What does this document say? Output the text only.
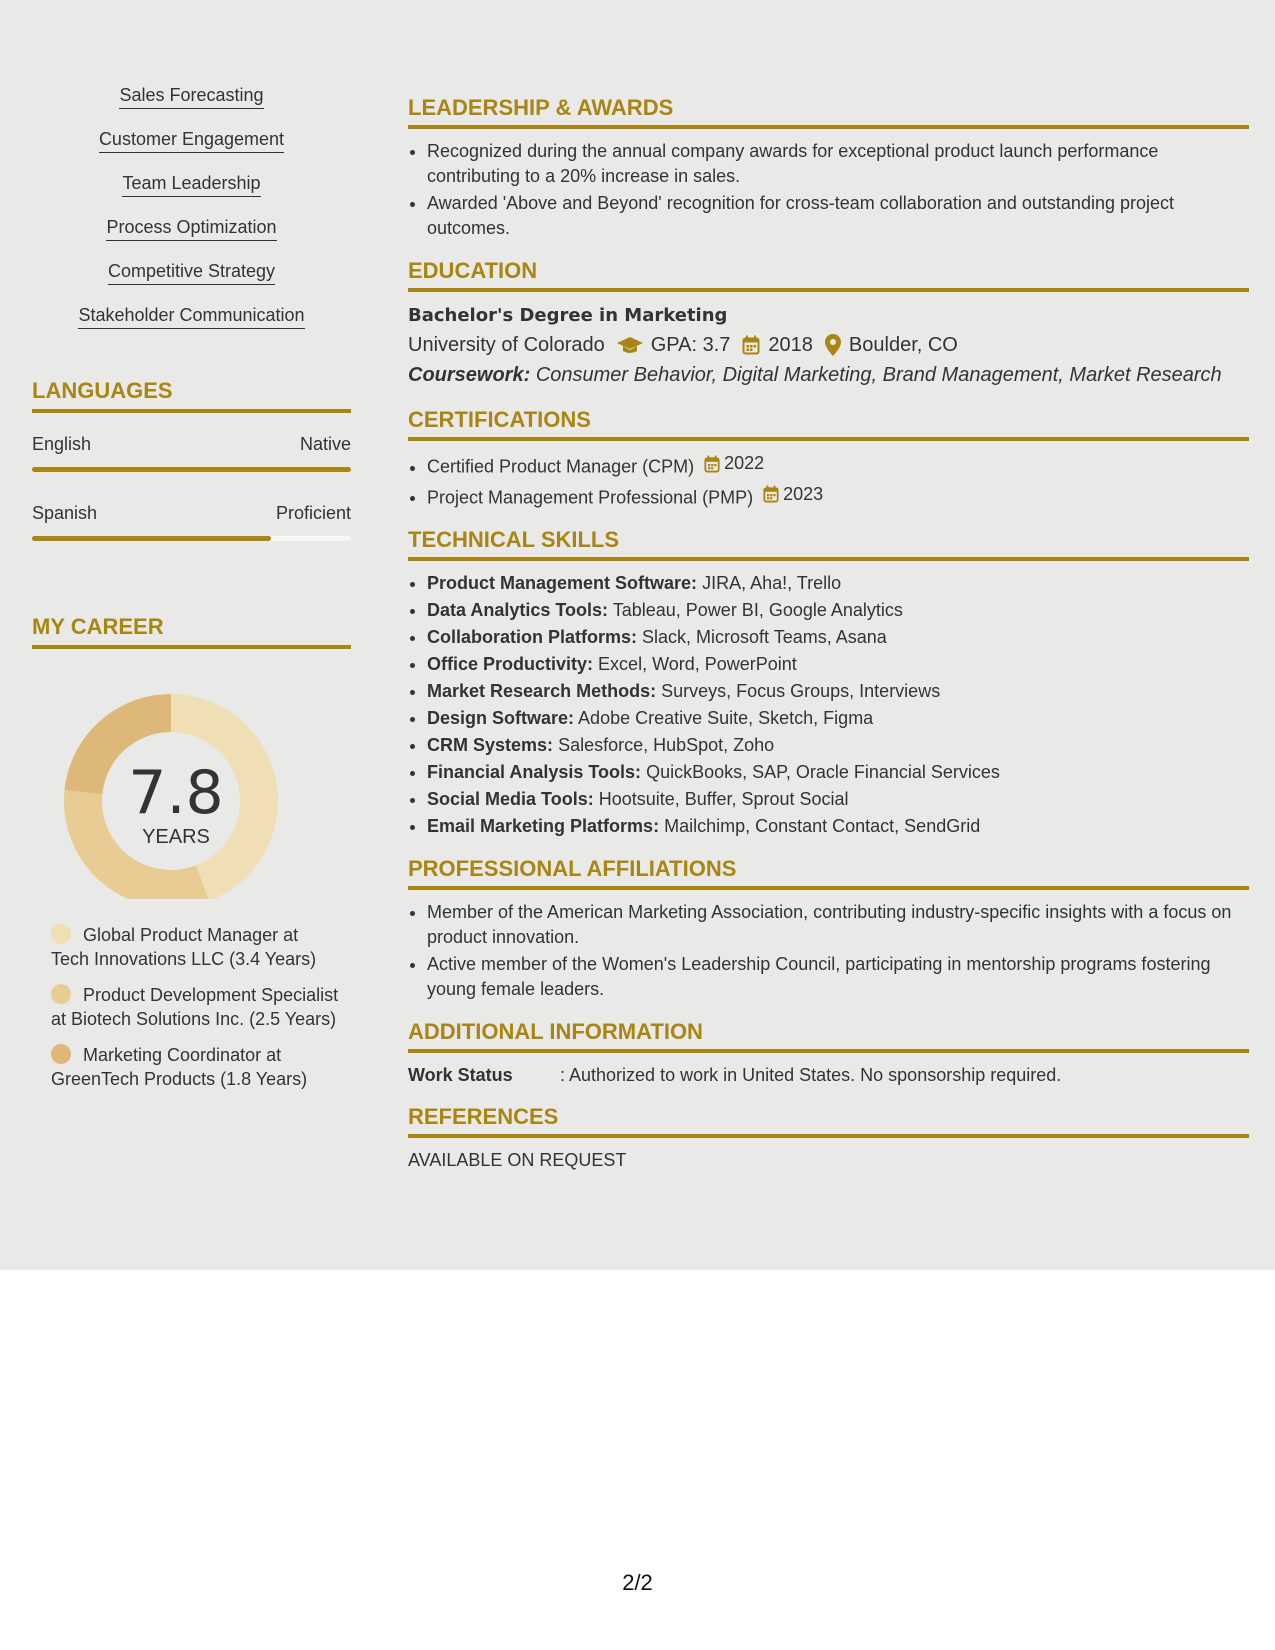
Sales Forecasting
Customer Engagement
Team Leadership
Process Optimization
Competitive Strategy
Stakeholder Communication
LANGUAGES
English	Native
Spanish	Proficient
MY CAREER
7.8
YEARS
Global Product Manager at Tech Innovations LLC (3.4 Years)
Product Development Specialist at Biotech Solutions Inc. (2.5 Years)
Marketing Coordinator at GreenTech Products (1.8 Years)
LEADERSHIP & AWARDS
• Recognized during the annual company awards for exceptional product launch performance contributing to a 20% increase in sales.
• Awarded 'Above and Beyond' recognition for cross-team collaboration and outstanding project outcomes.
EDUCATION
Bachelor's Degree in Marketing
University of Colorado GPA: 3.7 2018 Boulder, CO
Coursework: Consumer Behavior, Digital Marketing, Brand Management, Market Research
CERTIFICATIONS
• Certified Product Manager (CPM) 2022
• Project Management Professional (PMP) 2023
TECHNICAL SKILLS
• Product Management Software: JIRA, Aha!, Trello
• Data Analytics Tools: Tableau, Power BI, Google Analytics
• Collaboration Platforms: Slack, Microsoft Teams, Asana
• Office Productivity: Excel, Word, PowerPoint
• Market Research Methods: Surveys, Focus Groups, Interviews
• Design Software: Adobe Creative Suite, Sketch, Figma
• CRM Systems: Salesforce, HubSpot, Zoho
• Financial Analysis Tools: QuickBooks, SAP, Oracle Financial Services
• Social Media Tools: Hootsuite, Buffer, Sprout Social
• Email Marketing Platforms: Mailchimp, Constant Contact, SendGrid
PROFESSIONAL AFFILIATIONS
• Member of the American Marketing Association, contributing industry-specific insights with a focus on product innovation.
• Active member of the Women's Leadership Council, participating in mentorship programs fostering young female leaders.
ADDITIONAL INFORMATION
Work Status	: Authorized to work in United States. No sponsorship required.
REFERENCES
AVAILABLE ON REQUEST
2/2
